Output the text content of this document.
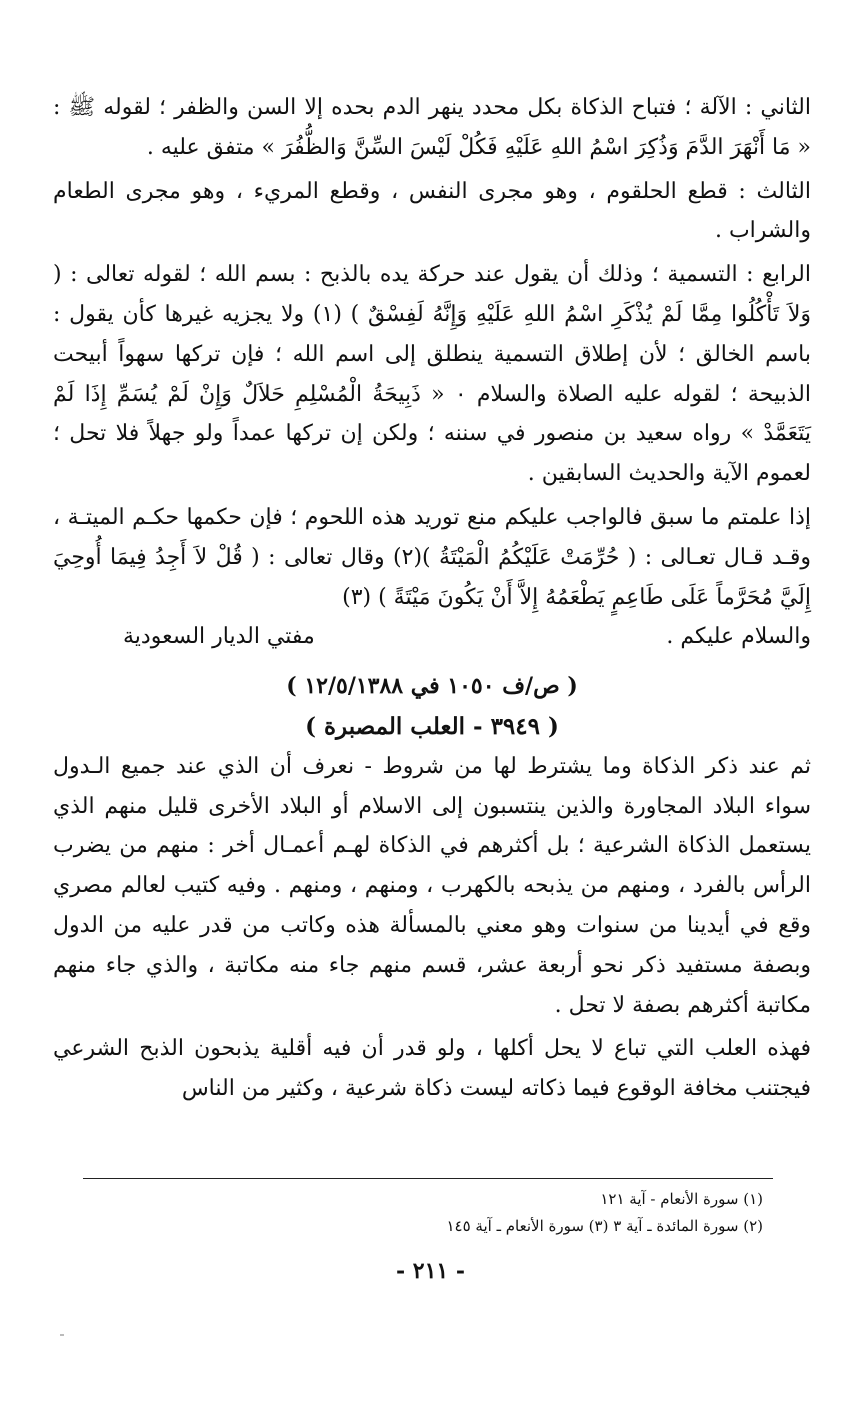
الثاني : الآلة ؛ فتباح الذكاة بكل محدد ينهر الدم بحده إلا السن والظفر ؛ لقوله ﷺ : « مَا أَنْهَرَ الدَّمَ وَذُكِرَ اسْمُ اللهِ عَلَيْهِ فَكُلْ لَيْسَ السِّنَّ وَالظُّفُرَ » متفق عليه .

الثالث : قطع الحلقوم ، وهو مجرى النفس ، وقطع المريء ، وهو مجرى الطعام والشراب .

الرابع : التسمية ؛ وذلك أن يقول عند حركة يده بالذبح : بسم الله ؛ لقوله تعالى : ( وَلاَ تَأْكُلُوا مِمَّا لَمْ يُذْكَرِ اسْمُ اللهِ عَلَيْهِ وَإِنَّهُ لَفِسْقٌ ) (١) ولا يجزيه غيرها كأن يقول : باسم الخالق ؛ لأن إطلاق التسمية ينطلق إلى اسم الله ؛ فإن تركها سهواً أبيحت الذبيحة ؛ لقوله عليه الصلاة والسلام ٠ « ذَبِيحَةُ الْمُسْلِمِ حَلاَلٌ وَإِنْ لَمْ يُسَمِّ إِذَا لَمْ يَتَعَمَّدْ » رواه سعيد بن منصور في سننه ؛ ولكن إن تركها عمداً ولو جهلاً فلا تحل ؛ لعموم الآية والحديث السابقين .

إذا علمتم ما سبق فالواجب عليكم منع توريد هذه اللحوم ؛ فإن حكمها حكـم الميتـة ، وقـد قـال تعـالى : ( حُرِّمَتْ عَلَيْكُمُ الْمَيْتَةُ )(٢) وقال تعالى : ( قُلْ لاَ أَجِدُ فِيمَا أُوحِيَ إِلَيَّ مُحَرَّماً عَلَى طَاعِمٍ يَطْعَمُهُ إِلاَّ أَنْ يَكُونَ مَيْتَةً ) (٣)

والسلام عليكم .
مفتي الديار السعودية
( ص/ف ١٠٥٠ في ١٢/٥/١٣٨٨ )
( ٣٩٤٩ - العلب المصبرة )

ثم عند ذكر الذكاة وما يشترط لها من شروط - نعرف أن الذي عند جميع الـدول سواء البلاد المجاورة والذين ينتسبون إلى الاسلام أو البلاد الأخرى قليل منهم الذي يستعمل الذكاة الشرعية ؛ بل أكثرهم في الذكاة لهـم أعمـال أخر : منهم من يضرب الرأس بالفرد ، ومنهم من يذبحه بالكهرب ، ومنهم ، ومنهم . وفيه كتيب لعالم مصري وقع في أيدينا من سنوات وهو معني بالمسألة هذه وكاتب من قدر عليه من الدول وبصفة مستفيد ذكر نحو أربعة عشر، قسم منهم جاء منه مكاتبة ، والذي جاء منهم مكاتبة أكثرهم بصفة لا تحل .

فهذه العلب التي تباع لا يحل أكلها ، ولو قدر أن فيه أقلية يذبحون الذبح الشرعي فيجتنب مخافة الوقوع فيما ذكاته ليست ذكاة شرعية ، وكثير من الناس

(١) سورة الأنعام - آية ١٢١
(٢) سورة المائدة ـ آية ٣ (٣) سورة الأنعام ـ آية ١٤٥
- ٢١١ -
